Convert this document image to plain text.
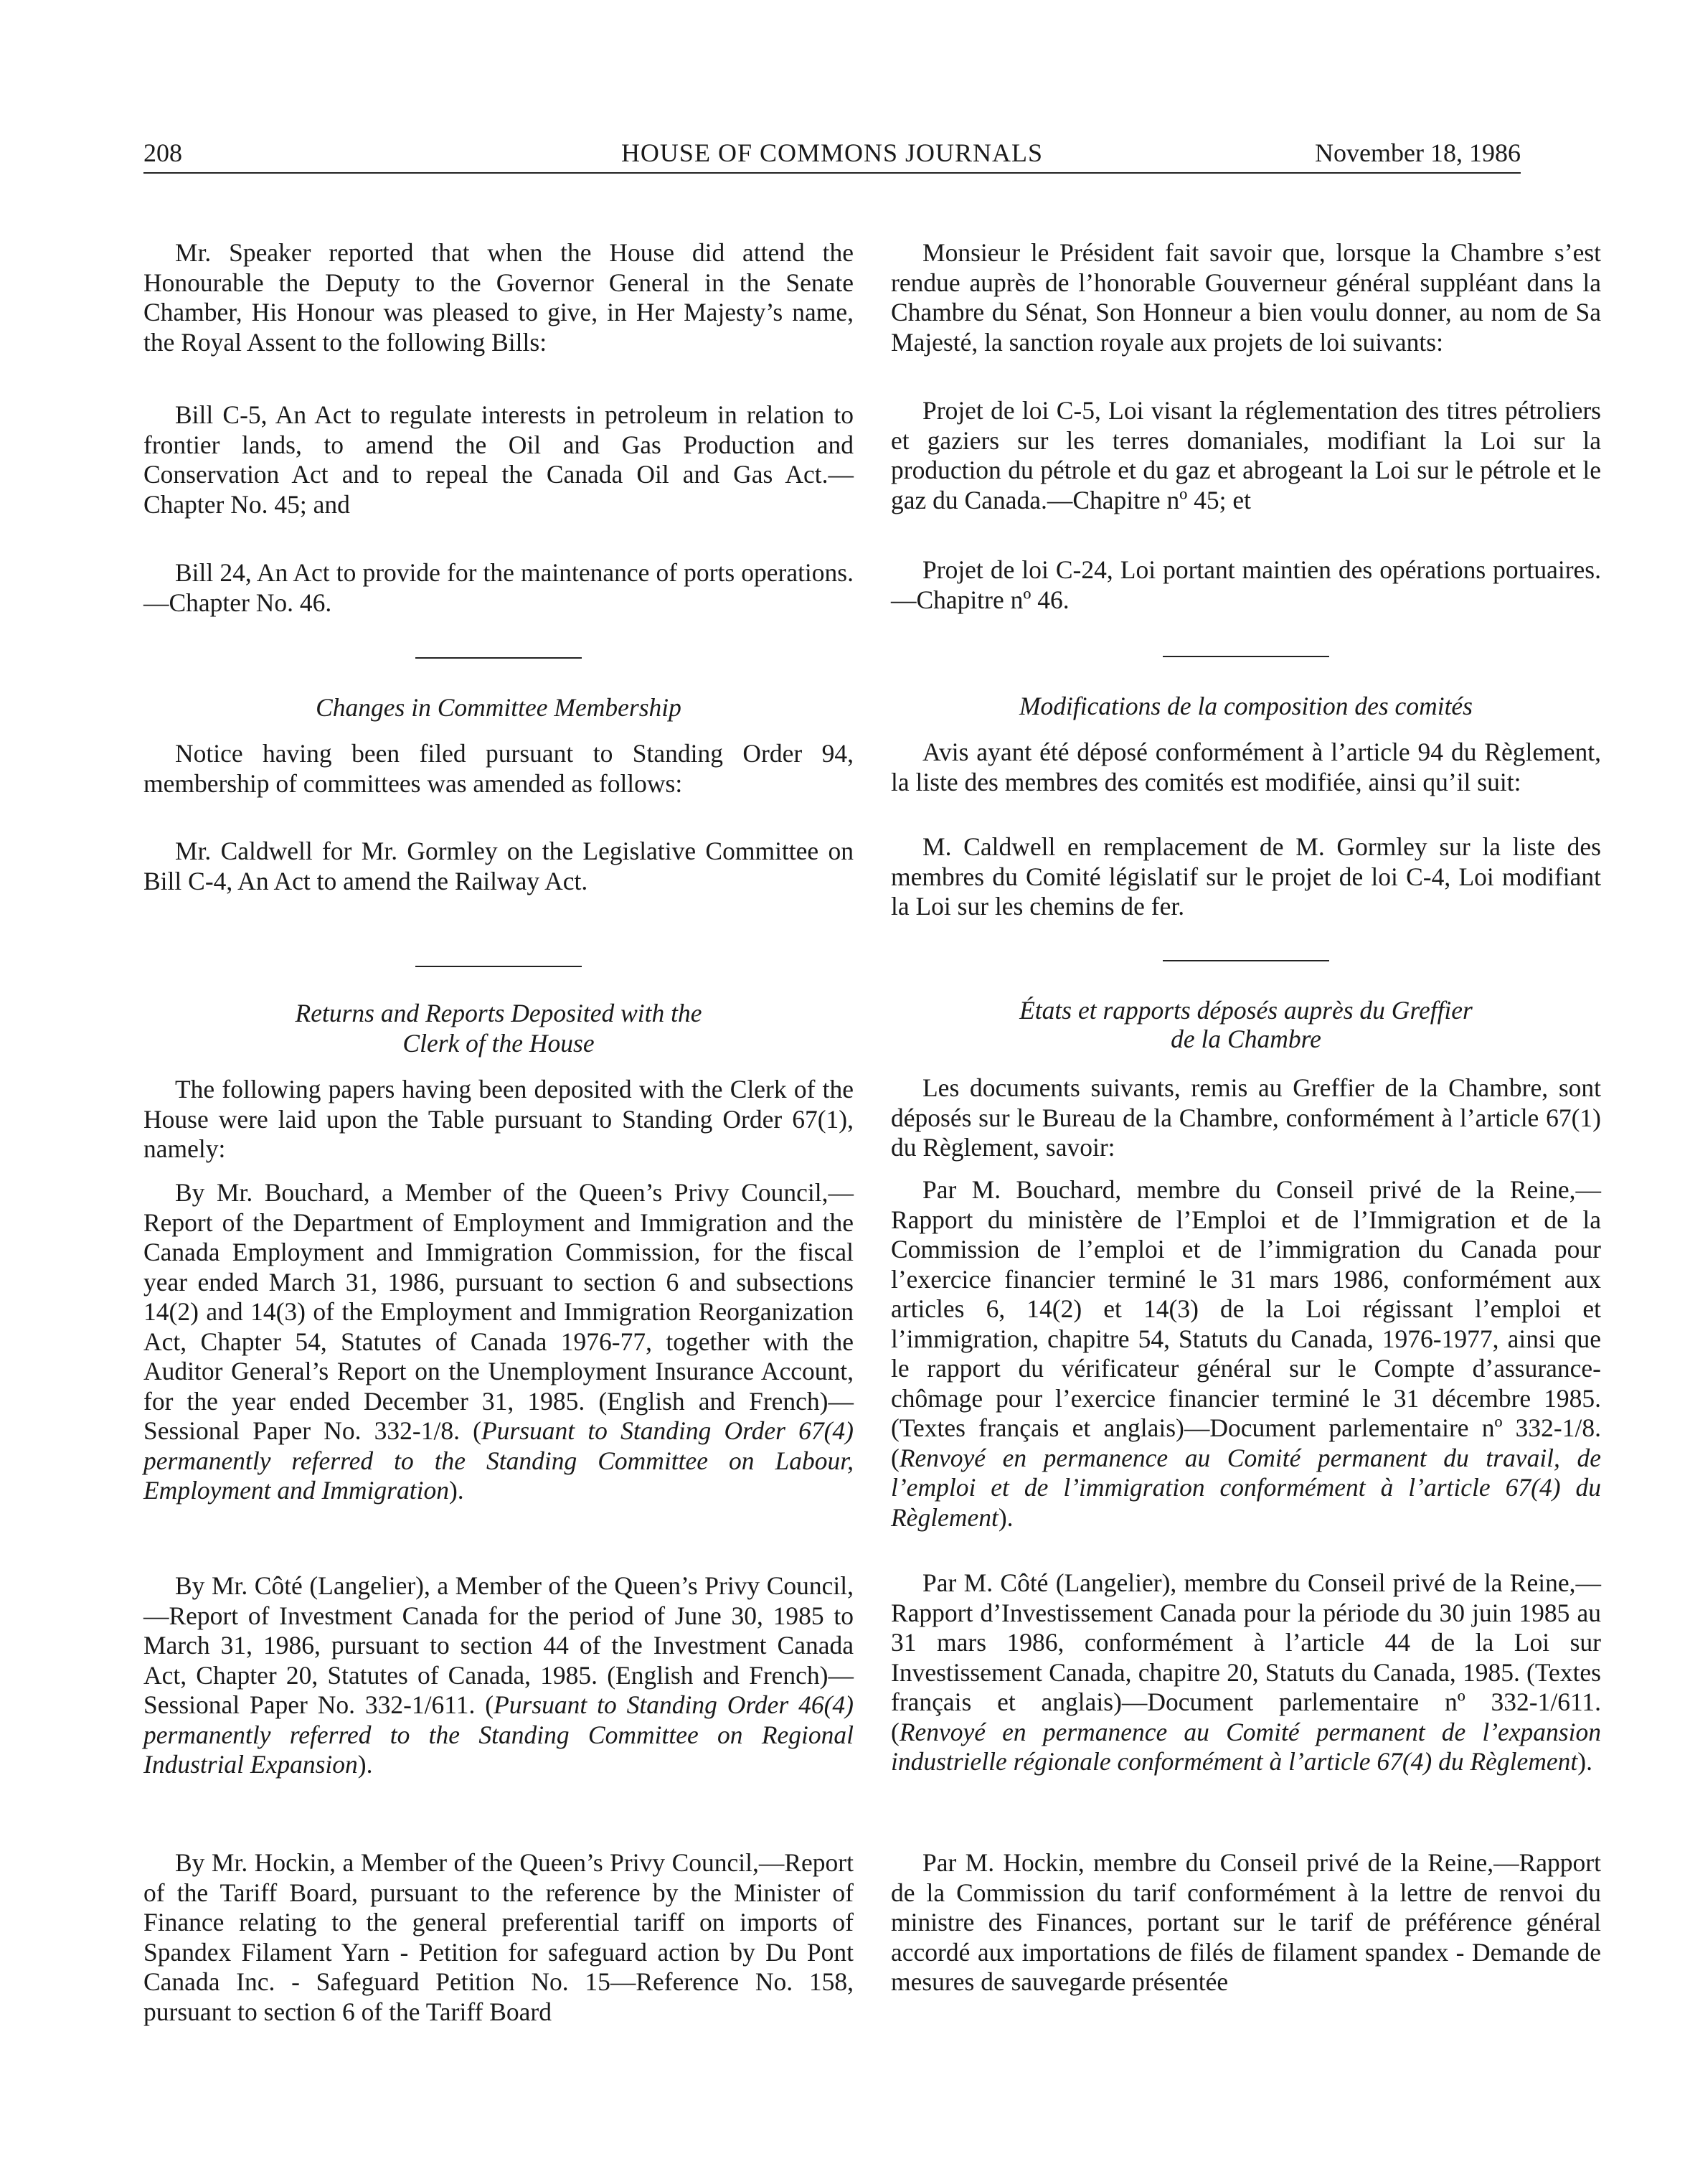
208	HOUSE OF COMMONS JOURNALS	November 18, 1986

Mr. Speaker reported that when the House did attend the Honourable the Deputy to the Governor General in the Senate Chamber, His Honour was pleased to give, in Her Majesty’s name, the Royal Assent to the following Bills:

Bill C-5, An Act to regulate interests in petroleum in relation to frontier lands, to amend the Oil and Gas Production and Conservation Act and to repeal the Canada Oil and Gas Act.—Chapter No. 45; and

Bill 24, An Act to provide for the maintenance of ports operations.—Chapter No. 46.

Changes in Committee Membership

Notice having been filed pursuant to Standing Order 94, membership of committees was amended as follows:

Mr. Caldwell for Mr. Gormley on the Legislative Committee on Bill C-4, An Act to amend the Railway Act.

Returns and Reports Deposited with the
Clerk of the House

The following papers having been deposited with the Clerk of the House were laid upon the Table pursuant to Standing Order 67(1), namely:

By Mr. Bouchard, a Member of the Queen’s Privy Council,—Report of the Department of Employment and Immigration and the Canada Employment and Immigration Commission, for the fiscal year ended March 31, 1986, pursuant to section 6 and subsections 14(2) and 14(3) of the Employment and Immigration Reorganization Act, Chapter 54, Statutes of Canada 1976-77, together with the Auditor General’s Report on the Unemployment Insurance Account, for the year ended December 31, 1985. (English and French)—Sessional Paper No. 332-1/8. (Pursuant to Standing Order 67(4) permanently referred to the Standing Committee on Labour, Employment and Immigration).

By Mr. Côté (Langelier), a Member of the Queen’s Privy Council,—Report of Investment Canada for the period of June 30, 1985 to March 31, 1986, pursuant to section 44 of the Investment Canada Act, Chapter 20, Statutes of Canada, 1985. (English and French)—Sessional Paper No. 332-1/611. (Pursuant to Standing Order 46(4) permanently referred to the Standing Committee on Regional Industrial Expansion).

By Mr. Hockin, a Member of the Queen’s Privy Council,—Report of the Tariff Board, pursuant to the reference by the Minister of Finance relating to the general preferential tariff on imports of Spandex Filament Yarn - Petition for safeguard action by Du Pont Canada Inc. - Safeguard Petition No. 15—Reference No. 158, pursuant to section 6 of the Tariff Board

Monsieur le Président fait savoir que, lorsque la Chambre s’est rendue auprès de l’honorable Gouverneur général suppléant dans la Chambre du Sénat, Son Honneur a bien voulu donner, au nom de Sa Majesté, la sanction royale aux projets de loi suivants:

Projet de loi C-5, Loi visant la réglementation des titres pétroliers et gaziers sur les terres domaniales, modifiant la Loi sur la production du pétrole et du gaz et abrogeant la Loi sur le pétrole et le gaz du Canada.—Chapitre nº 45; et

Projet de loi C-24, Loi portant maintien des opérations portuaires.—Chapitre nº 46.

Modifications de la composition des comités

Avis ayant été déposé conformément à l’article 94 du Règlement, la liste des membres des comités est modifiée, ainsi qu’il suit:

M. Caldwell en remplacement de M. Gormley sur la liste des membres du Comité législatif sur le projet de loi C-4, Loi modifiant la Loi sur les chemins de fer.

États et rapports déposés auprès du Greffier
de la Chambre

Les documents suivants, remis au Greffier de la Chambre, sont déposés sur le Bureau de la Chambre, conformément à l’article 67(1) du Règlement, savoir:

Par M. Bouchard, membre du Conseil privé de la Reine,—Rapport du ministère de l’Emploi et de l’Immigration et de la Commission de l’emploi et de l’immigration du Canada pour l’exercice financier terminé le 31 mars 1986, conformément aux articles 6, 14(2) et 14(3) de la Loi régissant l’emploi et l’immigration, chapitre 54, Statuts du Canada, 1976-1977, ainsi que le rapport du vérificateur général sur le Compte d’assurance-chômage pour l’exercice financier terminé le 31 décembre 1985. (Textes français et anglais)—Document parlementaire nº 332-1/8. (Renvoyé en permanence au Comité permanent du travail, de l’emploi et de l’immigration conformément à l’article 67(4) du Règlement).

Par M. Côté (Langelier), membre du Conseil privé de la Reine,—Rapport d’Investissement Canada pour la période du 30 juin 1985 au 31 mars 1986, conformément à l’article 44 de la Loi sur Investissement Canada, chapitre 20, Statuts du Canada, 1985. (Textes français et anglais)—Document parlementaire nº 332-1/611. (Renvoyé en permanence au Comité permanent de l’expansion industrielle régionale conformément à l’article 67(4) du Règlement).

Par M. Hockin, membre du Conseil privé de la Reine,—Rapport de la Commission du tarif conformément à la lettre de renvoi du ministre des Finances, portant sur le tarif de préférence général accordé aux importations de filés de filament spandex - Demande de mesures de sauvegarde présentée
